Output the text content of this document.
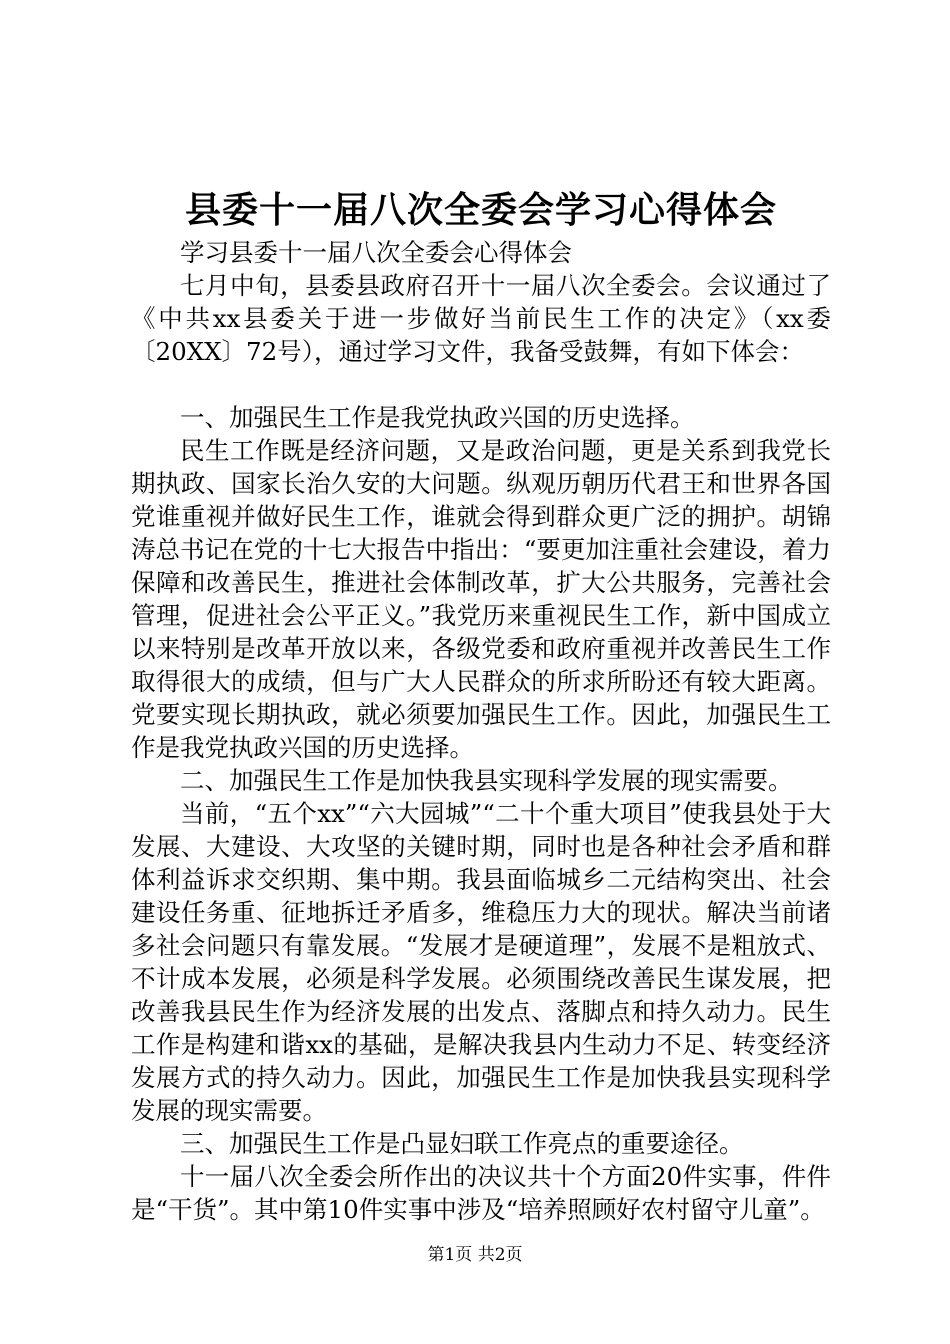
县委十一届八次全委会学习心得体会

学习县委十一届八次全委会心得体会

七月中旬，县委县政府召开十一届八次全委会。会议通过了《中共xx县委关于进一步做好当前民生工作的决定》（xx委〔20XX〕72号），通过学习文件，我备受鼓舞，有如下体会：

一、加强民生工作是我党执政兴国的历史选择。

民生工作既是经济问题，又是政治问题，更是关系到我党长期执政、国家长治久安的大问题。纵观历朝历代君王和世界各国党谁重视并做好民生工作，谁就会得到群众更广泛的拥护。胡锦涛总书记在党的十七大报告中指出：“要更加注重社会建设，着力保障和改善民生，推进社会体制改革，扩大公共服务，完善社会管理，促进社会公平正义。”我党历来重视民生工作，新中国成立以来特别是改革开放以来，各级党委和政府重视并改善民生工作取得很大的成绩，但与广大人民群众的所求所盼还有较大距离。党要实现长期执政，就必须要加强民生工作。因此，加强民生工作是我党执政兴国的历史选择。

二、加强民生工作是加快我县实现科学发展的现实需要。

当前，“五个xx”“六大园城”“二十个重大项目”使我县处于大发展、大建设、大攻坚的关键时期，同时也是各种社会矛盾和群体利益诉求交织期、集中期。我县面临城乡二元结构突出、社会建设任务重、征地拆迁矛盾多，维稳压力大的现状。解决当前诸多社会问题只有靠发展。“发展才是硬道理”，发展不是粗放式、不计成本发展，必须是科学发展。必须围绕改善民生谋发展，把改善我县民生作为经济发展的出发点、落脚点和持久动力。民生工作是构建和谐xx的基础，是解决我县内生动力不足、转变经济发展方式的持久动力。因此，加强民生工作是加快我县实现科学发展的现实需要。

三、加强民生工作是凸显妇联工作亮点的重要途径。

十一届八次全委会所作出的决议共十个方面20件实事，件件是“干货”。其中第10件实事中涉及“培养照顾好农村留守儿童”。

第1页 共2页
